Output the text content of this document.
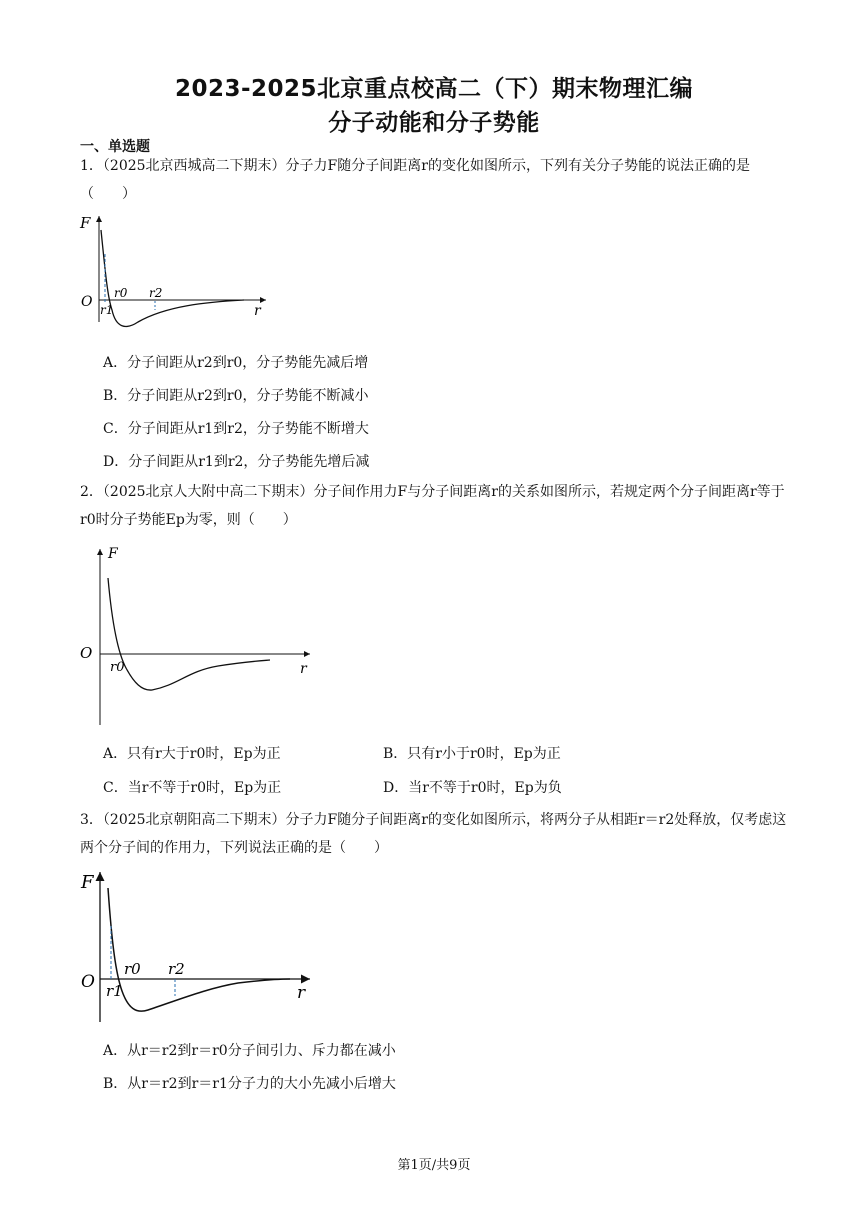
2023-2025北京重点校高二（下）期末物理汇编
分子动能和分子势能
一、单选题
1．（2025北京西城高二下期末）分子力F随分子间距离r的变化如图所示，下列有关分子势能的说法正确的是（　　）
F
O
r
r0 r2
r1
A．分子间距从r2到r0，分子势能先减后增
B．分子间距从r2到r0，分子势能不断减小
C．分子间距从r1到r2，分子势能不断增大
D．分子间距从r1到r2，分子势能先增后减
2．（2025北京人大附中高二下期末）分子间作用力F与分子间距离r的关系如图所示，若规定两个分子间距离r等于r0时分子势能Ep为零，则（　　）
F
O
r
r0
A．只有r大于r0时，Ep为正	B．只有r小于r0时，Ep为正
C．当r不等于r0时，Ep为正	D．当r不等于r0时，Ep为负
3．（2025北京朝阳高二下期末）分子力F随分子间距离r的变化如图所示，将两分子从相距r＝r2处释放，仅考虑这两个分子间的作用力，下列说法正确的是（　　）
F
O
r
r0 r2
r1
A．从r＝r2到r＝r0分子间引力、斥力都在减小
B．从r＝r2到r＝r1分子力的大小先减小后增大
第1页/共9页
